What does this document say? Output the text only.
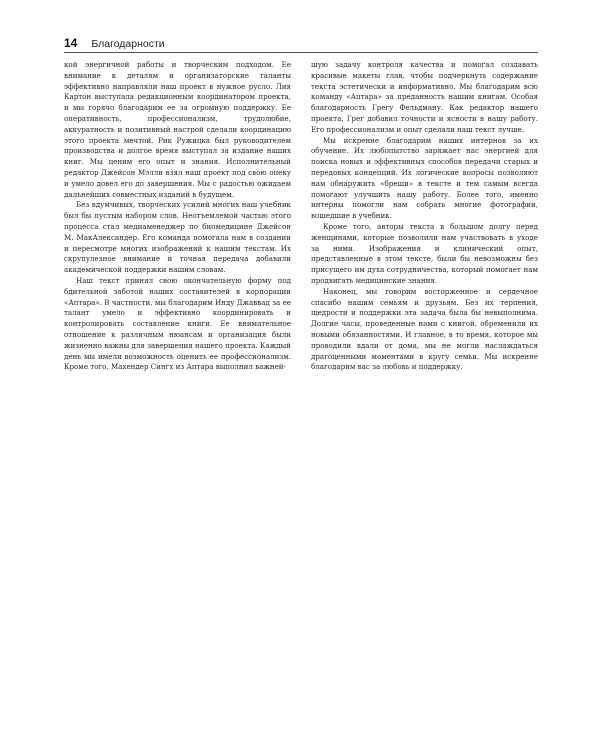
14 Благодарности

кой энергичной работы и творческим подходом. Ее внимание к деталям и организаторские таланты эффективно направляли наш проект в нужное русло. Лия Картон выступала редакционным координатором проекта, и мы горячо благодарим ее за огромную поддержку. Ее оперативность, профессионализм, трудолюбие, аккуратность и позитивный настрой сделали координацию этого проекта мечтой. Рик Ружицка был руководителем производства и долгое время выступал за издание наших книг. Мы ценим его опыт и знания. Исполнительный редактор Джейсон Мэлли взял наш проект под свою опеку и умело довел его до завершения. Мы с радостью ожидаем дальнейших совместных изданий в будущем.

Без вдумчивых, творческих усилий многих наш учебник был бы пустым набором слов. Неотъемлемой частью этого процесса стал медиаменеджер по биомедицине Джейсон М. МакАлександер. Его команда помогала нам в создании и пересмотре многих изображений к нашим текстам. Их скрупулезное внимание и точная передача добавили академической поддержки нашим словам.

Наш текст принял свою окончательную форму под бдительной заботой наших составителей в корпорации «Аптара». В частности, мы благодарим Инду Джаввад за ее талант умело и эффективно координировать и контролировать составление книги. Ее внимательное отношение к различным нюансам и организация были жизненно важны для завершения нашего проекта. Каждый день мы имели возможность оценить ее профессионализм. Кроме того, Махендер Сингх из Аптара выполнил важней-

шую задачу контроля качества и помогал создавать красивые макеты глав, чтобы подчеркнуть содержание текста эстетически и информативно. Мы благодарим всю команду «Аптара» за преданность нашим книгам. Особая благодарность Грегу Фельдману. Как редактор нашего проекта, Грег добавил точности и ясности в нашу работу. Его профессионализм и опыт сделали наш текст лучше.

Мы искренне благодарим наших интернов за их обучение. Их любопытство заряжает нас энергией для поиска новых и эффективных способов передачи старых и передовых концепций. Их логические вопросы позволяют нам обнаружить «бреши» в тексте и тем самым всегда помогают улучшить нашу работу. Более того, именно интерны помогли нам собрать многие фотографии, вошедшие в учебник.

Кроме того, авторы текста в большом долгу перед женщинами, которые позволили нам участвовать в уходе за ними. Изображения и клинический опыт, представленные в этом тексте, были бы невозможны без присущего им духа сотрудничества, который помогает нам продвигать медицинские знания.

Наконец, мы говорим восторженное и сердечное спасибо нашим семьям и друзьям. Без их терпения, щедрости и поддержки эта задача была бы невыполнима. Долгие часы, проведенные нами с книгой, обременили их новыми обязанностями. И главное, в то время, которое мы проводили вдали от дома, мы не могли наслаждаться драгоценными моментами в кругу семьи. Мы искренне благодарим вас за любовь и поддержку.
